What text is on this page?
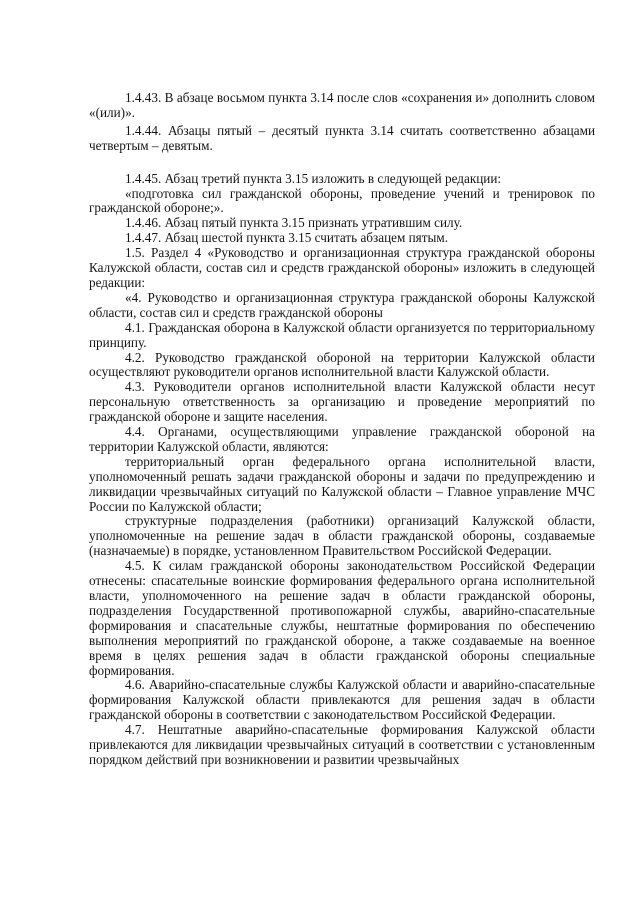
1.4.43. В абзаце восьмом пункта 3.14 после слов «сохранения и» дополнить словом «(или)».

1.4.44. Абзацы пятый – десятый пункта 3.14 считать соответственно абзацами четвертым – девятым.

1.4.45. Абзац третий пункта 3.15 изложить в следующей редакции:

«подготовка сил гражданской обороны, проведение учений и тренировок по гражданской обороне;».

1.4.46. Абзац пятый пункта 3.15 признать утратившим силу.

1.4.47. Абзац шестой пункта 3.15 считать абзацем пятым.

1.5. Раздел 4 «Руководство и организационная структура гражданской обороны Калужской области, состав сил и средств гражданской обороны» изложить в следующей редакции:

«4. Руководство и организационная структура гражданской обороны Калужской области, состав сил и средств гражданской обороны

4.1. Гражданская оборона в Калужской области организуется по территориальному принципу.

4.2. Руководство гражданской обороной на территории Калужской области осуществляют руководители органов исполнительной власти Калужской области.

4.3. Руководители органов исполнительной власти Калужской области несут персональную ответственность за организацию и проведение мероприятий по гражданской обороне и защите населения.

4.4. Органами, осуществляющими управление гражданской обороной на территории Калужской области, являются:

территориальный орган федерального органа исполнительной власти, уполномоченный решать задачи гражданской обороны и задачи по предупреждению и ликвидации чрезвычайных ситуаций по Калужской области – Главное управление МЧС России по Калужской области;

структурные подразделения (работники) организаций Калужской области, уполномоченные на решение задач в области гражданской обороны, создаваемые (назначаемые) в порядке, установленном Правительством Российской Федерации.

4.5. К силам гражданской обороны законодательством Российской Федерации отнесены: спасательные воинские формирования федерального органа исполнительной власти, уполномоченного на решение задач в области гражданской обороны, подразделения Государственной противопожарной службы, аварийно-спасательные формирования и спасательные службы, нештатные формирования по обеспечению выполнения мероприятий по гражданской обороне, а также создаваемые на военное время в целях решения задач в области гражданской обороны специальные формирования.

4.6. Аварийно-спасательные службы Калужской области и аварийно-спасательные формирования Калужской области привлекаются для решения задач в области гражданской обороны в соответствии с законодательством Российской Федерации.

4.7. Нештатные аварийно-спасательные формирования Калужской области привлекаются для ликвидации чрезвычайных ситуаций в соответствии с установленным порядком действий при возникновении и развитии чрезвычайных
